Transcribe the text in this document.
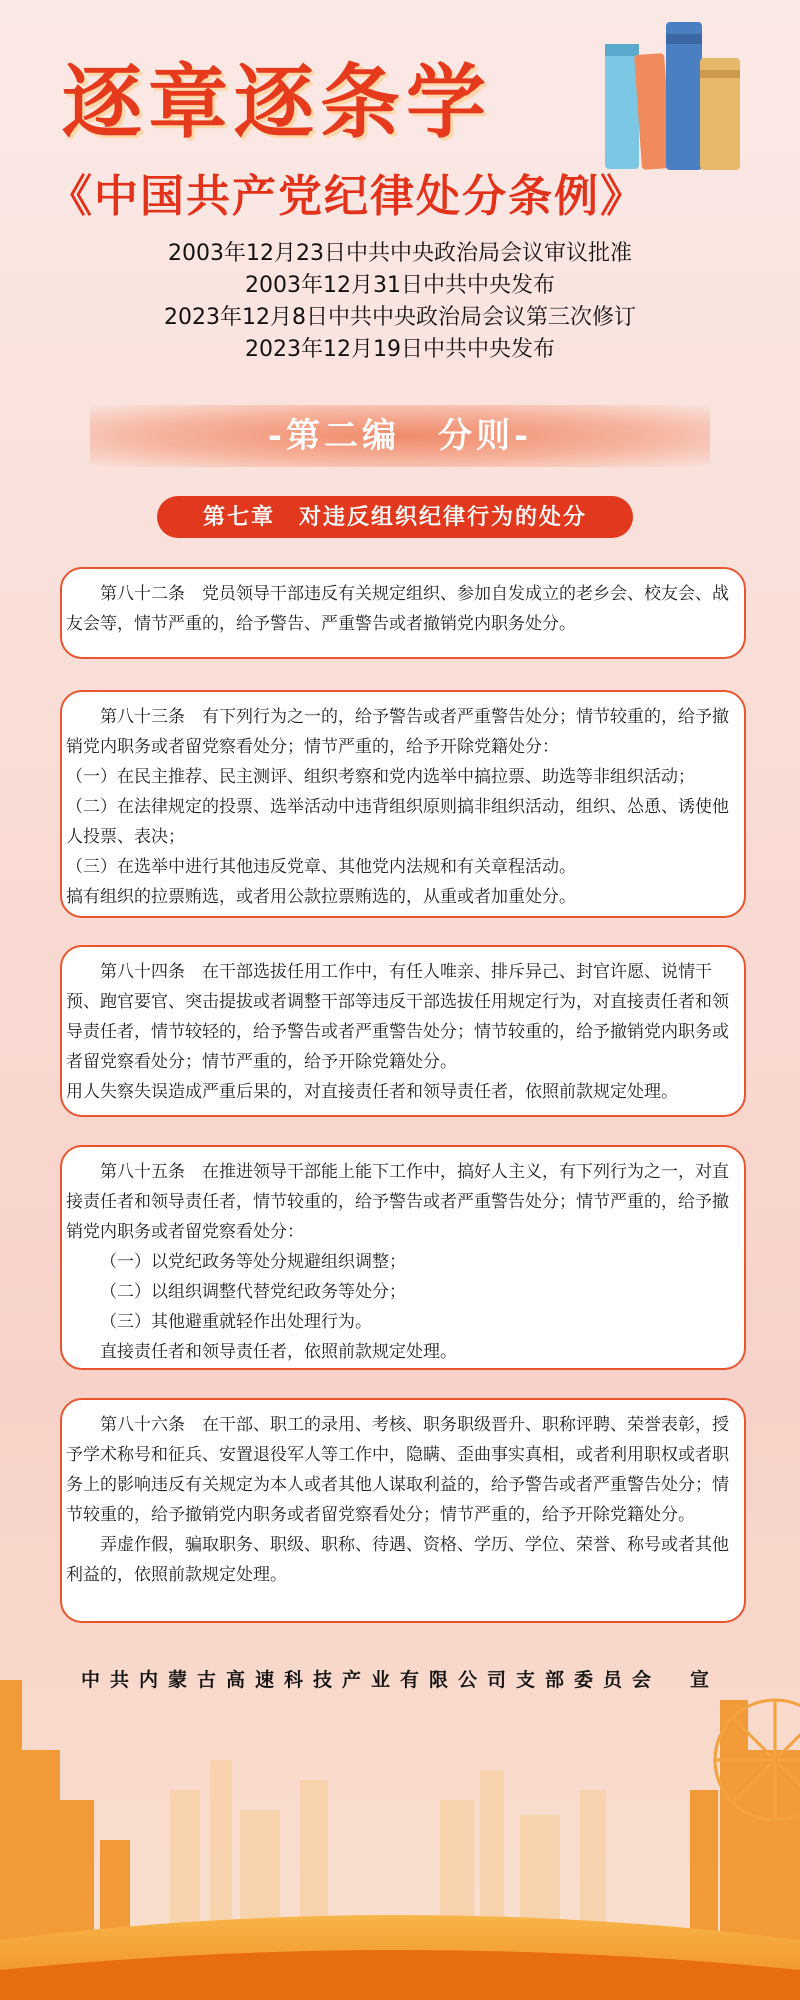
逐章逐条学
《中国共产党纪律处分条例》
2003年12月23日中共中央政治局会议审议批准
2003年12月31日中共中央发布
2023年12月8日中共中央政治局会议第三次修订
2023年12月19日中共中央发布
-第二编　分则-
第七章　对违反组织纪律行为的处分

第八十二条　党员领导干部违反有关规定组织、参加自发成立的老乡会、校友会、战友会等，情节严重的，给予警告、严重警告或者撤销党内职务处分。

第八十三条　有下列行为之一的，给予警告或者严重警告处分；情节较重的，给予撤销党内职务或者留党察看处分；情节严重的，给予开除党籍处分：

（一）在民主推荐、民主测评、组织考察和党内选举中搞拉票、助选等非组织活动；

（二）在法律规定的投票、选举活动中违背组织原则搞非组织活动，组织、怂恿、诱使他人投票、表决；

（三）在选举中进行其他违反党章、其他党内法规和有关章程活动。

搞有组织的拉票贿选，或者用公款拉票贿选的，从重或者加重处分。

第八十四条　在干部选拔任用工作中，有任人唯亲、排斥异己、封官许愿、说情干预、跑官要官、突击提拔或者调整干部等违反干部选拔任用规定行为，对直接责任者和领导责任者，情节较轻的，给予警告或者严重警告处分；情节较重的，给予撤销党内职务或者留党察看处分；情节严重的，给予开除党籍处分。

用人失察失误造成严重后果的，对直接责任者和领导责任者，依照前款规定处理。

第八十五条　在推进领导干部能上能下工作中，搞好人主义，有下列行为之一，对直接责任者和领导责任者，情节较重的，给予警告或者严重警告处分；情节严重的，给予撤销党内职务或者留党察看处分：

（一）以党纪政务等处分规避组织调整；

（二）以组织调整代替党纪政务等处分；

（三）其他避重就轻作出处理行为。

直接责任者和领导责任者，依照前款规定处理。

第八十六条　在干部、职工的录用、考核、职务职级晋升、职称评聘、荣誉表彰，授予学术称号和征兵、安置退役军人等工作中，隐瞒、歪曲事实真相，或者利用职权或者职务上的影响违反有关规定为本人或者其他人谋取利益的，给予警告或者严重警告处分；情节较重的，给予撤销党内职务或者留党察看处分；情节严重的，给予开除党籍处分。

弄虚作假，骗取职务、职级、职称、待遇、资格、学历、学位、荣誉、称号或者其他利益的，依照前款规定处理。

中共内蒙古高速科技产业有限公司支部委员会　宣
